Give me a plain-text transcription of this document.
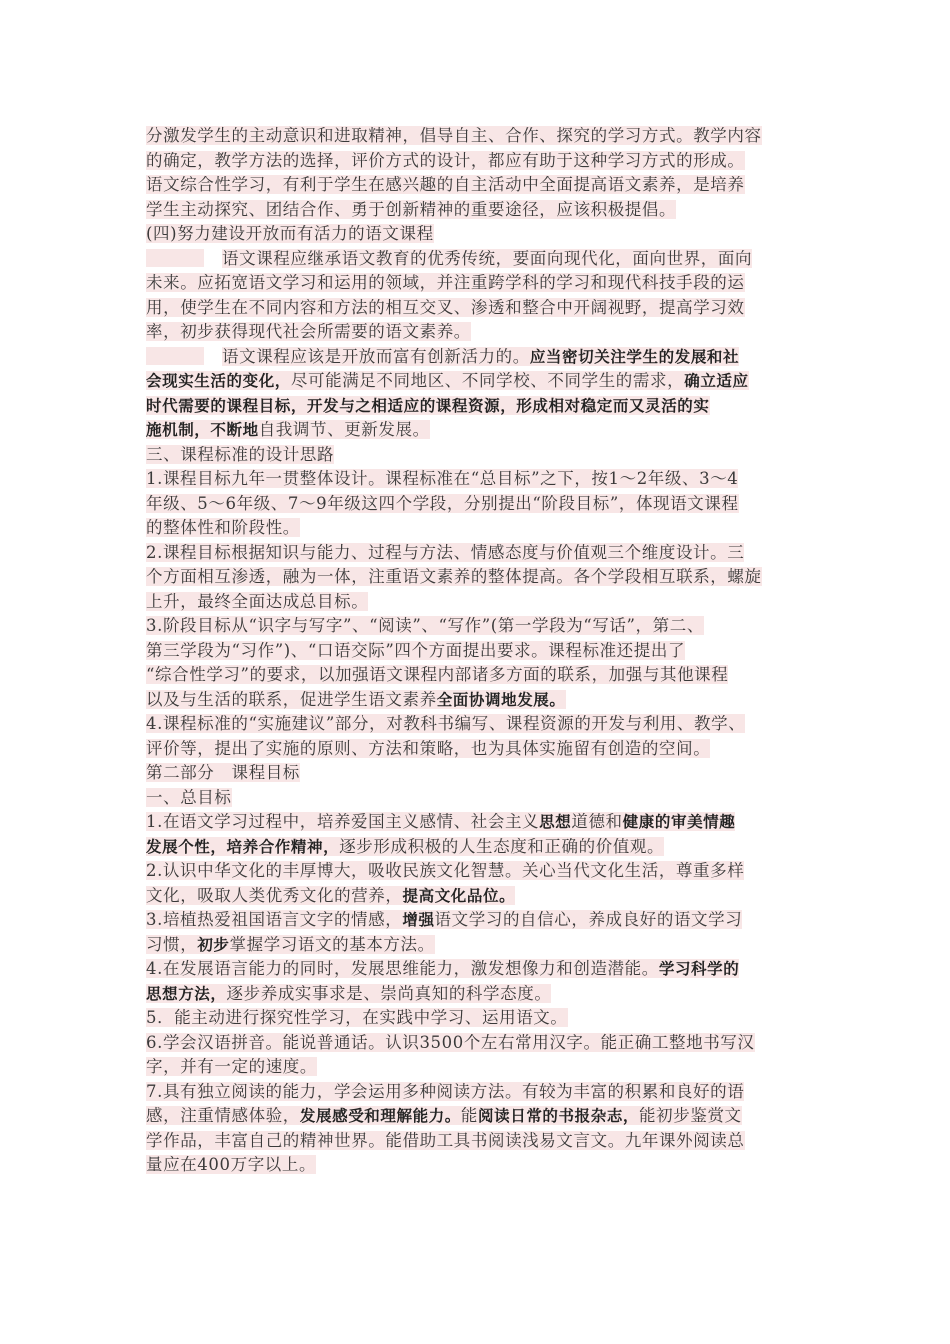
分激发学生的主动意识和进取精神，倡导自主、合作、探究的学习方式。教学内容
的确定，教学方法的选择，评价方式的设计，都应有助于这种学习方式的形成。
语文综合性学习，有利于学生在感兴趣的自主活动中全面提高语文素养，是培养
学生主动探究、团结合作、勇于创新精神的重要途径，应该积极提倡。
(四)努力建设开放而有活力的语文课程
语文课程应继承语文教育的优秀传统，要面向现代化，面向世界，面向
未来。应拓宽语文学习和运用的领域，并注重跨学科的学习和现代科技手段的运
用，使学生在不同内容和方法的相互交叉、渗透和整合中开阔视野，提高学习效
率，初步获得现代社会所需要的语文素养。
语文课程应该是开放而富有创新活力的。应当密切关注学生的发展和社
会现实生活的变化，尽可能满足不同地区、不同学校、不同学生的需求，确立适应
时代需要的课程目标，开发与之相适应的课程资源，形成相对稳定而又灵活的实
施机制，不断地自我调节、更新发展。
三、课程标准的设计思路
1.课程目标九年一贯整体设计。课程标准在“总目标”之下，按1～2年级、3～4
年级、5～6年级、7～9年级这四个学段，分别提出“阶段目标”，体现语文课程
的整体性和阶段性。
2.课程目标根据知识与能力、过程与方法、情感态度与价值观三个维度设计。三
个方面相互渗透，融为一体，注重语文素养的整体提高。各个学段相互联系，螺旋
上升，最终全面达成总目标。
3.阶段目标从“识字与写字”、“阅读”、“写作”(第一学段为“写话”，第二、
第三学段为“习作”)、“口语交际”四个方面提出要求。课程标准还提出了
“综合性学习”的要求，以加强语文课程内部诸多方面的联系，加强与其他课程
以及与生活的联系，促进学生语文素养全面协调地发展。
4.课程标准的“实施建议”部分，对教科书编写、课程资源的开发与利用、教学、
评价等，提出了实施的原则、方法和策略，也为具体实施留有创造的空间。
第二部分　课程目标
一、总目标
1.在语文学习过程中，培养爱国主义感情、社会主义思想道德和健康的审美情趣
发展个性，培养合作精神，逐步形成积极的人生态度和正确的价值观。
2.认识中华文化的丰厚博大，吸收民族文化智慧。关心当代文化生活，尊重多样
文化，吸取人类优秀文化的营养，提高文化品位。
3.培植热爱祖国语言文字的情感，增强语文学习的自信心，养成良好的语文学习
习惯，初步掌握学习语文的基本方法。
4.在发展语言能力的同时，发展思维能力，激发想像力和创造潜能。学习科学的
思想方法，逐步养成实事求是、崇尚真知的科学态度。
5．能主动进行探究性学习，在实践中学习、运用语文。
6.学会汉语拼音。能说普通话。认识3500个左右常用汉字。能正确工整地书写汉
字，并有一定的速度。
7.具有独立阅读的能力，学会运用多种阅读方法。有较为丰富的积累和良好的语
感，注重情感体验，发展感受和理解能力。能阅读日常的书报杂志，能初步鉴赏文
学作品，丰富自己的精神世界。能借助工具书阅读浅易文言文。九年课外阅读总
量应在400万字以上。
